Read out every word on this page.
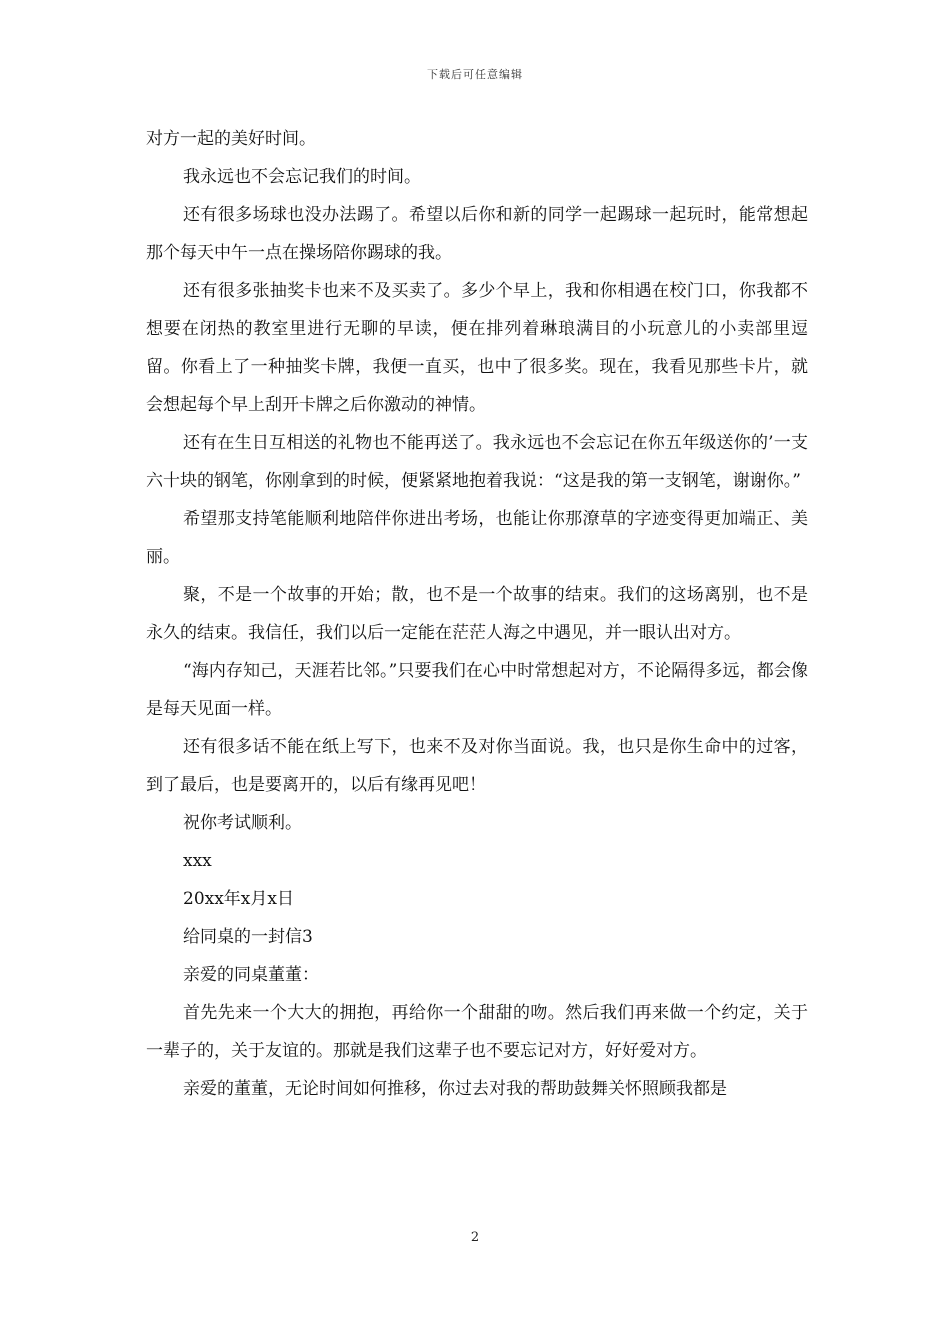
下载后可任意编辑

对方一起的美好时间。

我永远也不会忘记我们的时间。

还有很多场球也没办法踢了。希望以后你和新的同学一起踢球一起玩时，能常想起那个每天中午一点在操场陪你踢球的我。

还有很多张抽奖卡也来不及买卖了。多少个早上，我和你相遇在校门口，你我都不想要在闭热的教室里进行无聊的早读，便在排列着琳琅满目的小玩意儿的小卖部里逗留。你看上了一种抽奖卡牌，我便一直买，也中了很多奖。现在，我看见那些卡片，就会想起每个早上刮开卡牌之后你激动的神情。

还有在生日互相送的礼物也不能再送了。我永远也不会忘记在你五年级送你的’一支六十块的钢笔，你刚拿到的时候，便紧紧地抱着我说：“这是我的第一支钢笔，谢谢你。”

希望那支持笔能顺利地陪伴你进出考场，也能让你那潦草的字迹变得更加端正、美丽。

聚，不是一个故事的开始；散，也不是一个故事的结束。我们的这场离别，也不是永久的结束。我信任，我们以后一定能在茫茫人海之中遇见，并一眼认出对方。

“海内存知己，天涯若比邻。”只要我们在心中时常想起对方，不论隔得多远，都会像是每天见面一样。

还有很多话不能在纸上写下，也来不及对你当面说。我，也只是你生命中的过客，到了最后，也是要离开的，以后有缘再见吧！

祝你考试顺利。

xxx

20xx年x月x日

给同桌的一封信3

亲爱的同桌董董：

首先先来一个大大的拥抱，再给你一个甜甜的吻。然后我们再来做一个约定，关于一辈子的，关于友谊的。那就是我们这辈子也不要忘记对方，好好爱对方。

亲爱的董董，无论时间如何推移，你过去对我的帮助鼓舞关怀照顾我都是

2
